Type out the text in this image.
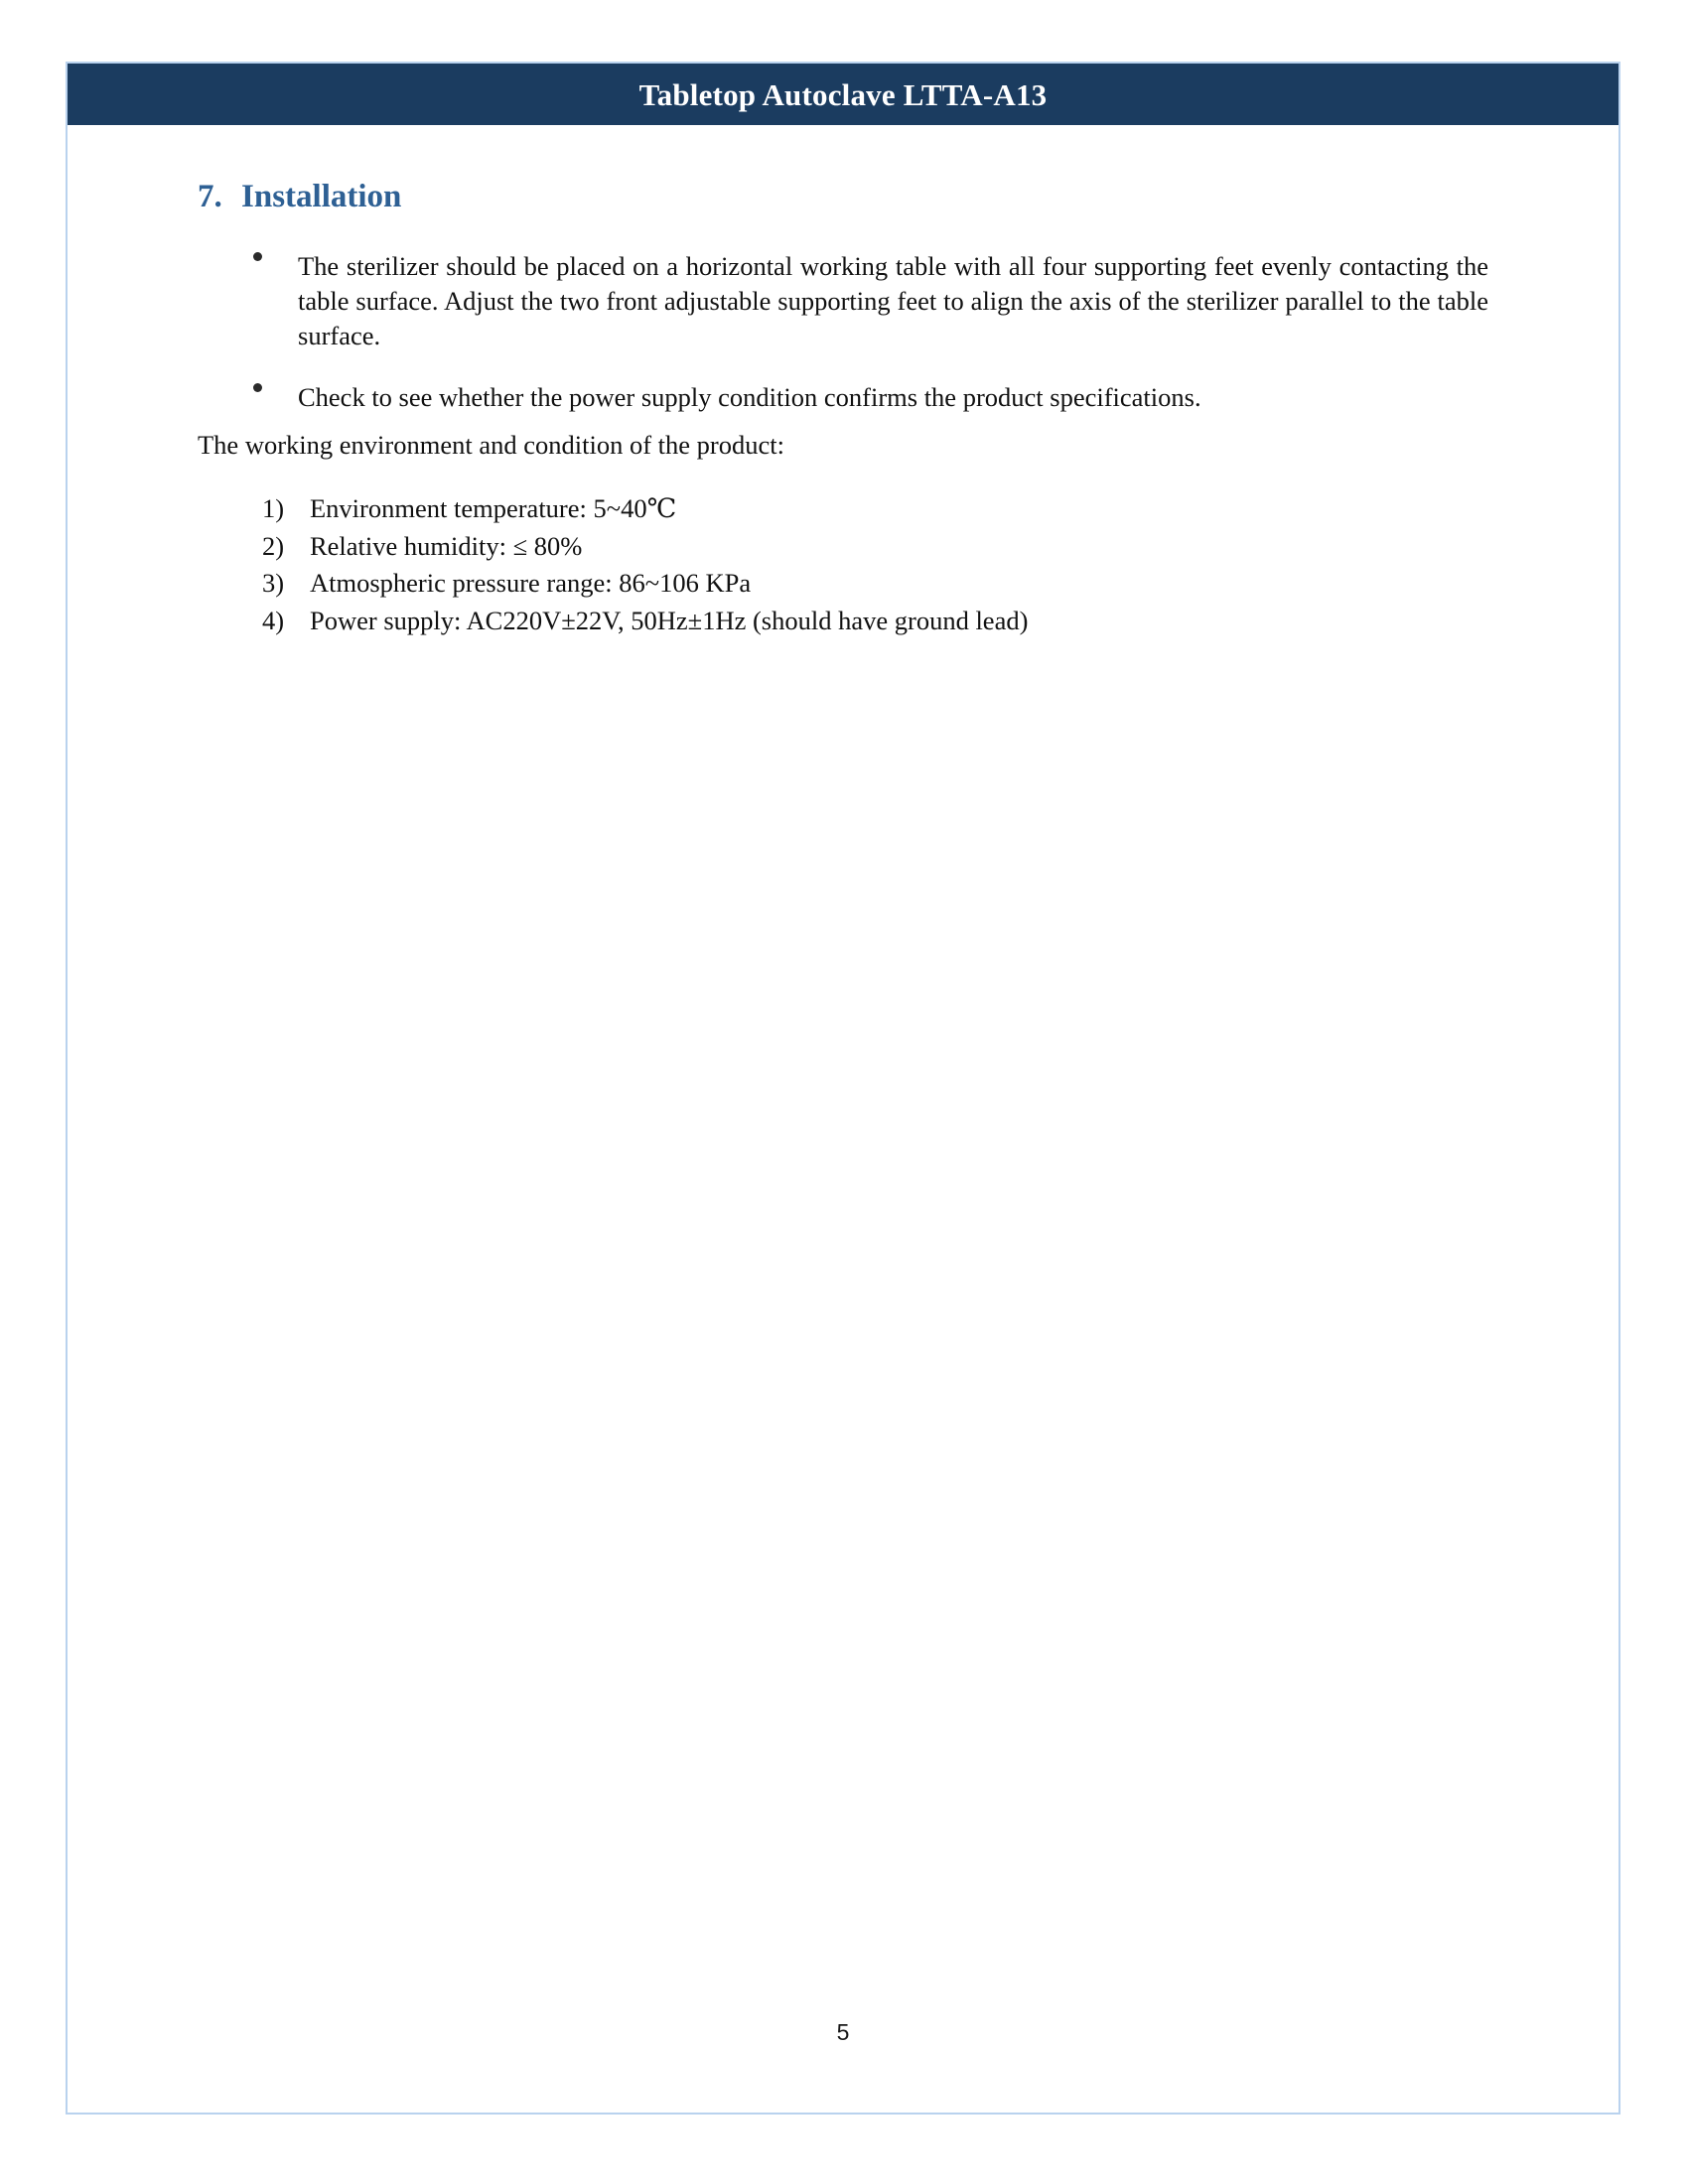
Tabletop Autoclave LTTA-A13
7. Installation
The sterilizer should be placed on a horizontal working table with all four supporting feet evenly contacting the table surface. Adjust the two front adjustable supporting feet to align the axis of the sterilizer parallel to the table surface.
Check to see whether the power supply condition confirms the product specifications.
The working environment and condition of the product:
1) Environment temperature: 5~40℃
2) Relative humidity: ≤ 80%
3) Atmospheric pressure range: 86~106 KPa
4) Power supply: AC220V±22V, 50Hz±1Hz (should have ground lead)
5
